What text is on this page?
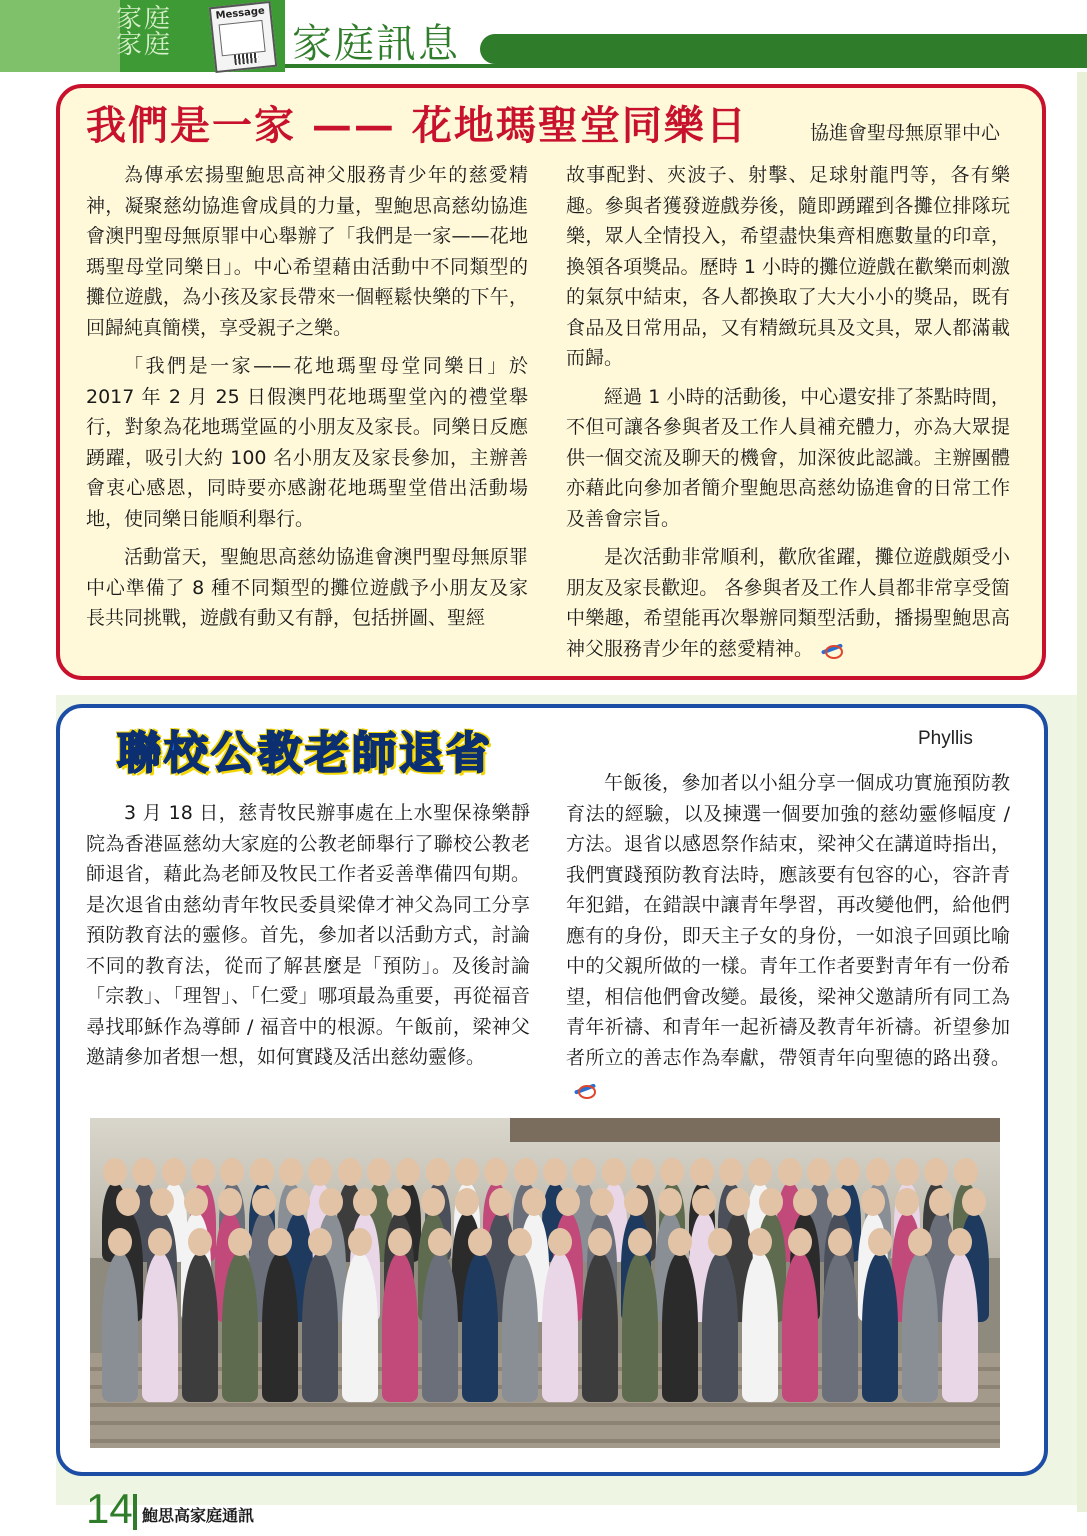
家庭
家庭
Message
家庭訊息
我們是一家 —— 花地瑪聖堂同樂日	協進會聖母無原罪中心

為傳承宏揚聖鮑思高神父服務青少年的慈愛精神，凝聚慈幼協進會成員的力量，聖鮑思高慈幼協進會澳門聖母無原罪中心舉辦了「我們是一家——花地瑪聖母堂同樂日」。中心希望藉由活動中不同類型的攤位遊戲，為小孩及家長帶來一個輕鬆快樂的下午，回歸純真簡樸，享受親子之樂。

「我們是一家——花地瑪聖母堂同樂日」於 2017 年 2 月 25 日假澳門花地瑪聖堂內的禮堂舉行，對象為花地瑪堂區的小朋友及家長。同樂日反應踴躍，吸引大約 100 名小朋友及家長參加，主辦善會衷心感恩，同時要亦感謝花地瑪聖堂借出活動場地，使同樂日能順利舉行。

活動當天，聖鮑思高慈幼協進會澳門聖母無原罪中心準備了 8 種不同類型的攤位遊戲予小朋友及家長共同挑戰，遊戲有動又有靜，包括拼圖、聖經

故事配對、夾波子、射擊、足球射龍門等，各有樂趣。參與者獲發遊戲券後，隨即踴躍到各攤位排隊玩樂，眾人全情投入，希望盡快集齊相應數量的印章，換領各項獎品。歷時 1 小時的攤位遊戲在歡樂而刺激的氣氛中結束，各人都換取了大大小小的獎品，既有食品及日常用品，又有精緻玩具及文具，眾人都滿載而歸。

經過 1 小時的活動後，中心還安排了茶點時間，不但可讓各參與者及工作人員補充體力，亦為大眾提供一個交流及聊天的機會，加深彼此認識。主辦團體亦藉此向參加者簡介聖鮑思高慈幼協進會的日常工作及善會宗旨。

是次活動非常順利，歡欣雀躍，攤位遊戲頗受小朋友及家長歡迎。 各參與者及工作人員都非常享受箇中樂趣，希望能再次舉辦同類型活動，播揚聖鮑思高神父服務青少年的慈愛精神。

聯校公教老師退省	Phyllis

3 月 18 日，慈青牧民辦事處在上水聖保祿樂靜院為香港區慈幼大家庭的公教老師舉行了聯校公教老師退省，藉此為老師及牧民工作者妥善準備四旬期。是次退省由慈幼青年牧民委員梁偉才神父為同工分享預防教育法的靈修。首先，參加者以活動方式，討論不同的教育法，從而了解甚麼是「預防」。及後討論「宗教」、「理智」、「仁愛」哪項最為重要，再從福音尋找耶穌作為導師 / 福音中的根源。午飯前，梁神父邀請參加者想一想，如何實踐及活出慈幼靈修。

午飯後，參加者以小組分享一個成功實施預防教育法的經驗，以及揀選一個要加強的慈幼靈修幅度 / 方法。退省以感恩祭作結束，梁神父在講道時指出，我們實踐預防教育法時，應該要有包容的心，容許青年犯錯，在錯誤中讓青年學習，再改變他們，給他們應有的身份，即天主子女的身份，一如浪子回頭比喻中的父親所做的一樣。青年工作者要對青年有一份希望，相信他們會改變。最後，梁神父邀請所有同工為青年祈禱、和青年一起祈禱及教青年祈禱。祈望參加者所立的善志作為奉獻，帶領青年向聖德的路出發。

14 鮑思高家庭通訊
